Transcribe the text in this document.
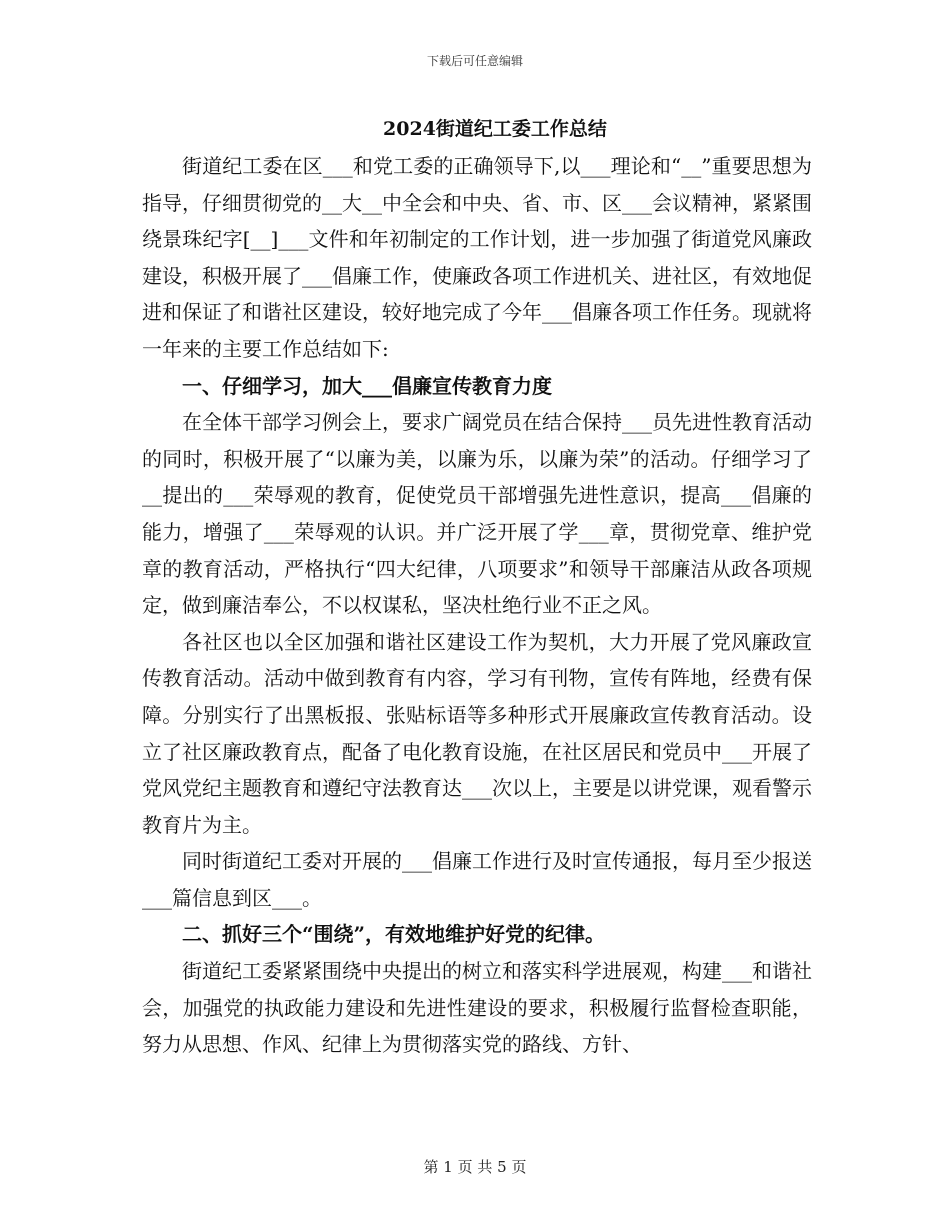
下载后可任意编辑
2024街道纪工委工作总结

街道纪工委在区___和党工委的正确领导下,以___理论和“__”重要思想为指导，仔细贯彻党的__大__中全会和中央、省、市、区___会议精神，紧紧围绕景珠纪字[__]___文件和年初制定的工作计划，进一步加强了街道党风廉政建设，积极开展了___倡廉工作，使廉政各项工作进机关、进社区，有效地促进和保证了和谐社区建设，较好地完成了今年___倡廉各项工作任务。现就将一年来的主要工作总结如下:

一、仔细学习，加大___倡廉宣传教育力度

在全体干部学习例会上，要求广阔党员在结合保持___员先进性教育活动的同时，积极开展了“以廉为美，以廉为乐，以廉为荣”的活动。仔细学习了__提出的___荣辱观的教育，促使党员干部增强先进性意识，提高___倡廉的能力，增强了___荣辱观的认识。并广泛开展了学___章，贯彻党章、维护党章的教育活动，严格执行“四大纪律，八项要求”和领导干部廉洁从政各项规定，做到廉洁奉公，不以权谋私，坚决杜绝行业不正之风。

各社区也以全区加强和谐社区建设工作为契机，大力开展了党风廉政宣传教育活动。活动中做到教育有内容，学习有刊物，宣传有阵地，经费有保障。分别实行了出黑板报、张贴标语等多种形式开展廉政宣传教育活动。设立了社区廉政教育点，配备了电化教育设施，在社区居民和党员中___开展了党风党纪主题教育和遵纪守法教育达___次以上，主要是以讲党课，观看警示教育片为主。

同时街道纪工委对开展的___倡廉工作进行及时宣传通报，每月至少报送___篇信息到区___。

二、抓好三个“围绕”，有效地维护好党的纪律。

街道纪工委紧紧围绕中央提出的树立和落实科学进展观，构建___和谐社会，加强党的执政能力建设和先进性建设的要求，积极履行监督检查职能，努力从思想、作风、纪律上为贯彻落实党的路线、方针、

第 1 页 共 5 页
